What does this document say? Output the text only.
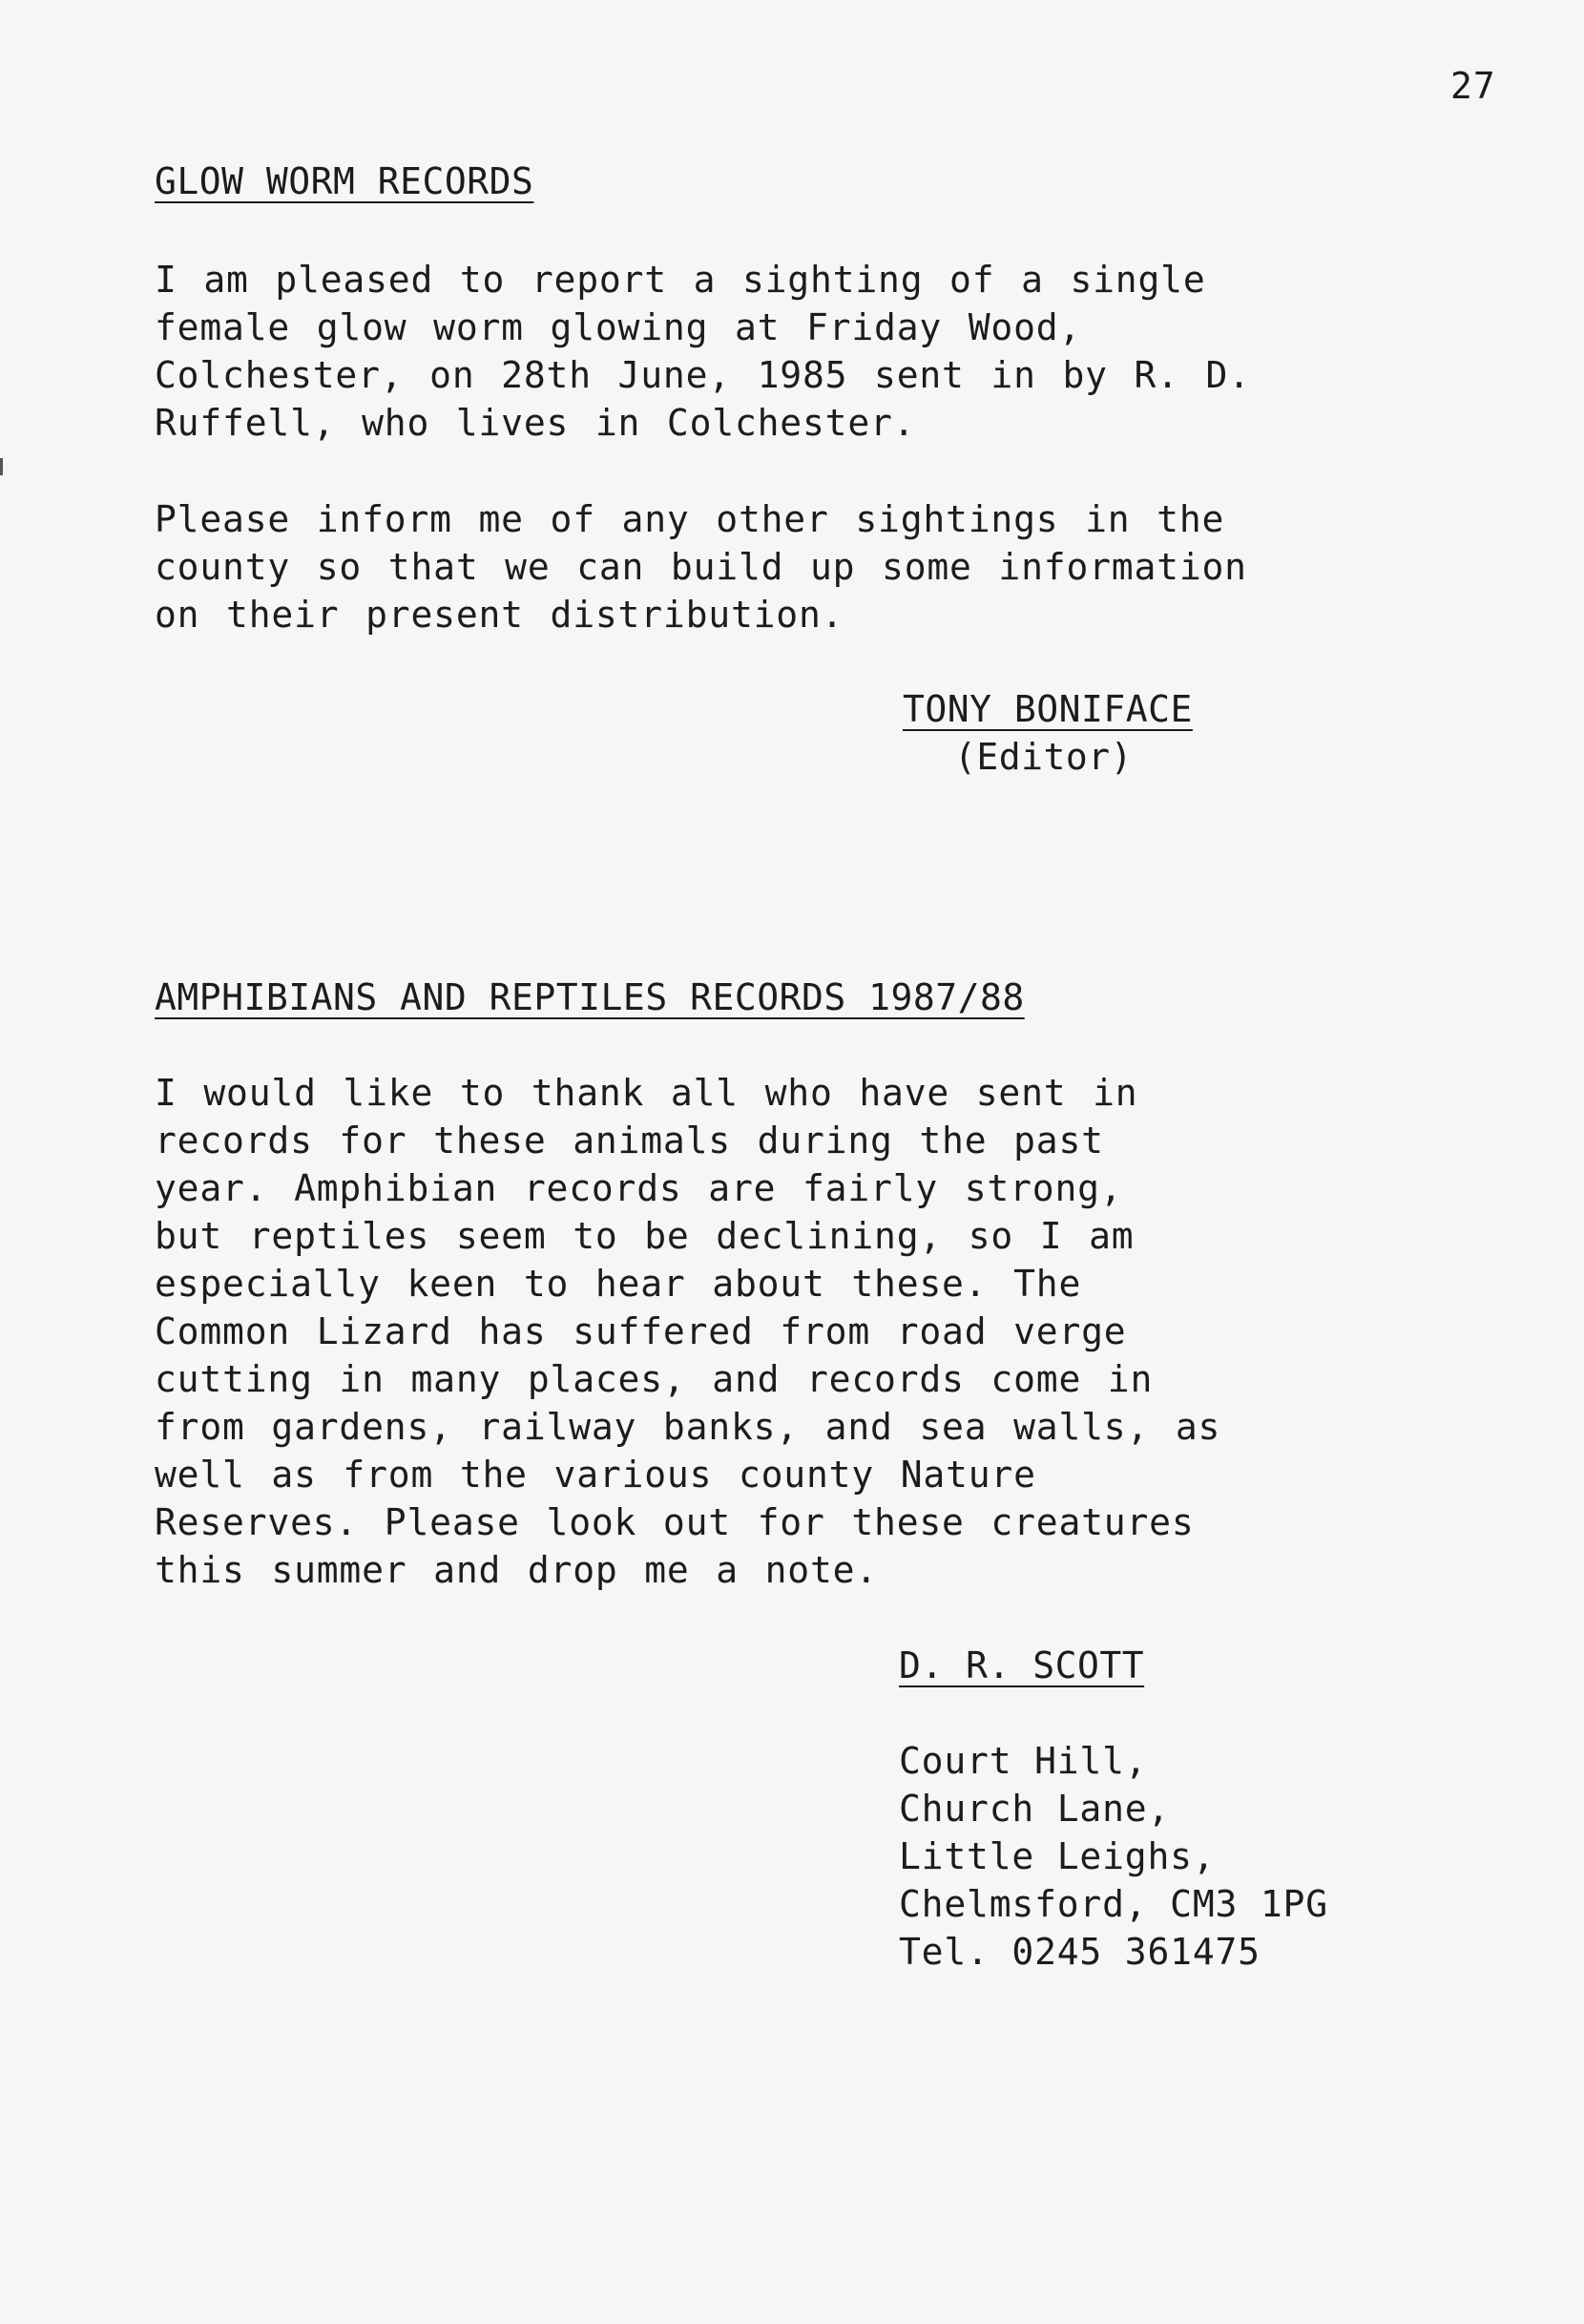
27
GLOW WORM RECORDS
I am pleased to report a sighting of a single
female glow worm glowing at Friday Wood,
Colchester, on 28th June, 1985 sent in by R. D.
Ruffell, who lives in Colchester.
Please inform me of any other sightings in the
county so that we can build up some information
on their present distribution.
TONY BONIFACE
(Editor)
AMPHIBIANS AND REPTILES RECORDS 1987/88
I would like to thank all who have sent in
records for these animals during the past
year. Amphibian records are fairly strong,
but reptiles seem to be declining, so I am
especially keen to hear about these. The
Common Lizard has suffered from road verge
cutting in many places, and records come in
from gardens, railway banks, and sea walls, as
well as from the various county Nature
Reserves. Please look out for these creatures
this summer and drop me a note.
D. R. SCOTT
Court Hill,
Church Lane,
Little Leighs,
Chelmsford, CM3 1PG
Tel. 0245 361475
